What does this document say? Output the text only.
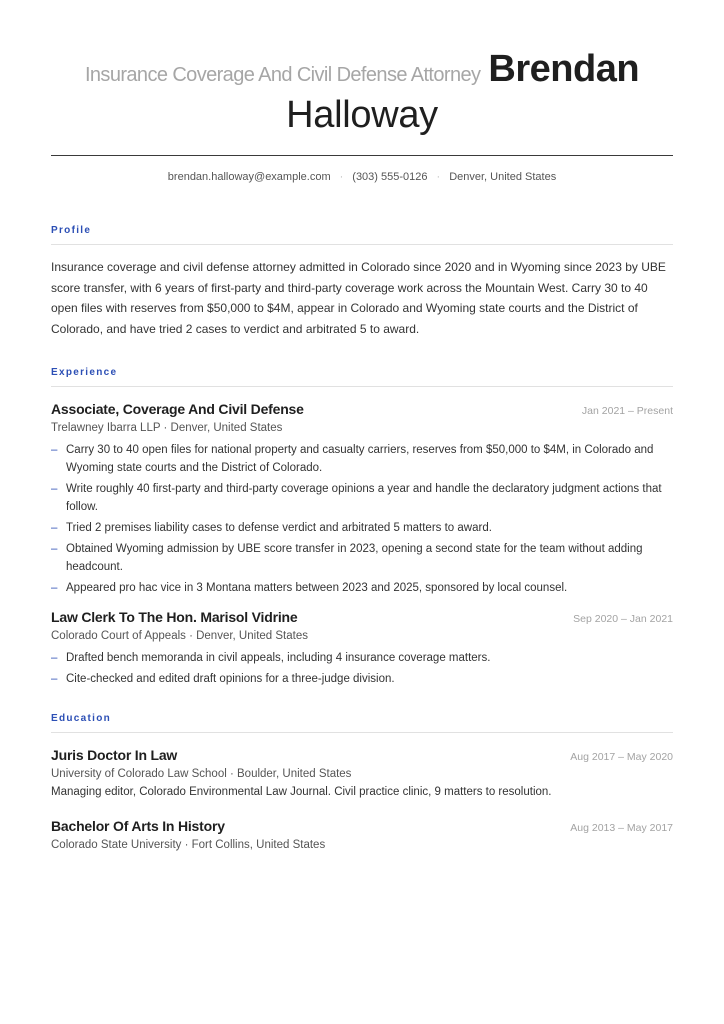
Insurance Coverage And Civil Defense Attorney Brendan
Halloway
brendan.halloway@example.com · (303) 555-0126 · Denver, United States
Profile
Insurance coverage and civil defense attorney admitted in Colorado since 2020 and in Wyoming since 2023 by UBE score transfer, with 6 years of first-party and third-party coverage work across the Mountain West. Carry 30 to 40 open files with reserves from $50,000 to $4M, appear in Colorado and Wyoming state courts and the District of Colorado, and have tried 2 cases to verdict and arbitrated 5 to award.
Experience
Associate, Coverage And Civil Defense	Jan 2021 – Present
Trelawney Ibarra LLP · Denver, United States
– Carry 30 to 40 open files for national property and casualty carriers, reserves from $50,000 to $4M, in Colorado and Wyoming state courts and the District of Colorado.
– Write roughly 40 first-party and third-party coverage opinions a year and handle the declaratory judgment actions that follow.
– Tried 2 premises liability cases to defense verdict and arbitrated 5 matters to award.
– Obtained Wyoming admission by UBE score transfer in 2023, opening a second state for the team without adding headcount.
– Appeared pro hac vice in 3 Montana matters between 2023 and 2025, sponsored by local counsel.
Law Clerk To The Hon. Marisol Vidrine	Sep 2020 – Jan 2021
Colorado Court of Appeals · Denver, United States
– Drafted bench memoranda in civil appeals, including 4 insurance coverage matters.
– Cite-checked and edited draft opinions for a three-judge division.
Education
Juris Doctor In Law	Aug 2017 – May 2020
University of Colorado Law School · Boulder, United States
Managing editor, Colorado Environmental Law Journal. Civil practice clinic, 9 matters to resolution.
Bachelor Of Arts In History	Aug 2013 – May 2017
Colorado State University · Fort Collins, United States
